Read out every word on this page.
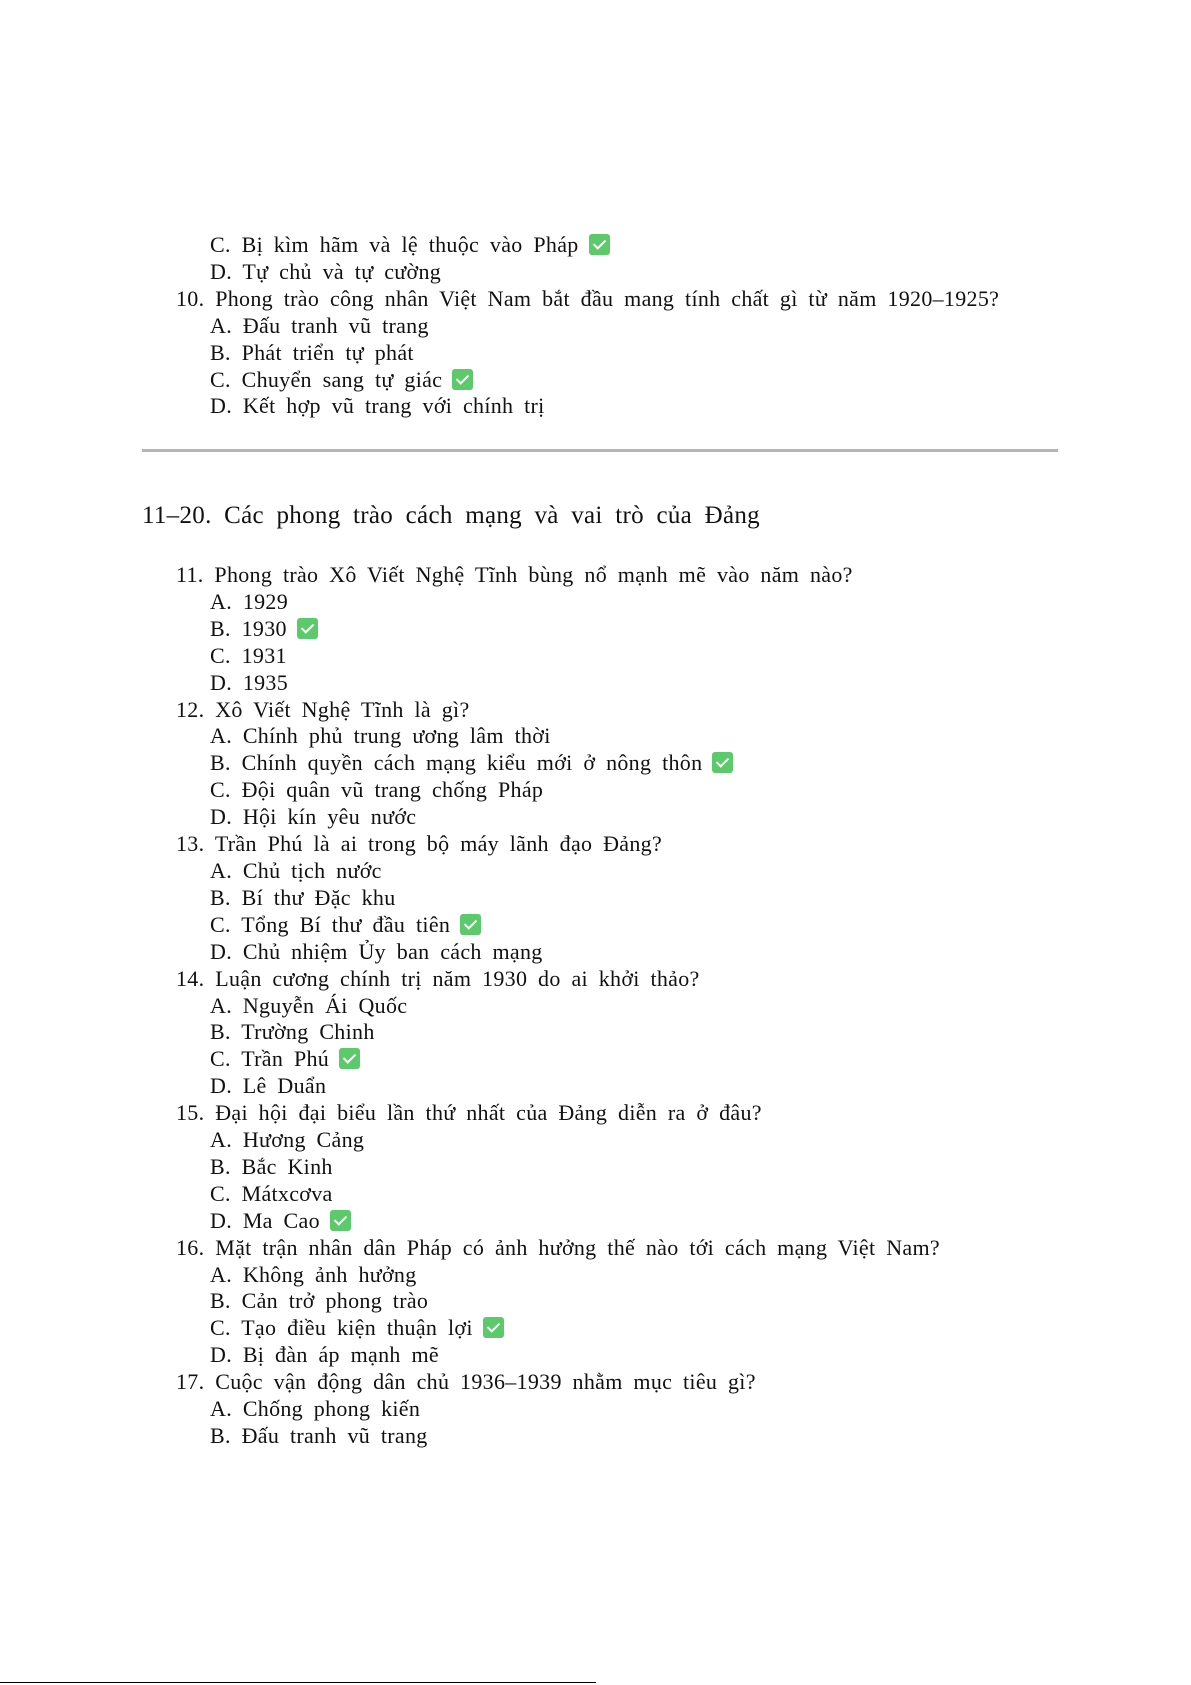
C. Bị kìm hãm và lệ thuộc vào Pháp
D. Tự chủ và tự cường
10. Phong trào công nhân Việt Nam bắt đầu mang tính chất gì từ năm 1920–1925?
A. Đấu tranh vũ trang
B. Phát triển tự phát
C. Chuyển sang tự giác
D. Kết hợp vũ trang với chính trị
11–20. Các phong trào cách mạng và vai trò của Đảng
11. Phong trào Xô Viết Nghệ Tĩnh bùng nổ mạnh mẽ vào năm nào?
A. 1929
B. 1930
C. 1931
D. 1935
12. Xô Viết Nghệ Tĩnh là gì?
A. Chính phủ trung ương lâm thời
B. Chính quyền cách mạng kiểu mới ở nông thôn
C. Đội quân vũ trang chống Pháp
D. Hội kín yêu nước
13. Trần Phú là ai trong bộ máy lãnh đạo Đảng?
A. Chủ tịch nước
B. Bí thư Đặc khu
C. Tổng Bí thư đầu tiên
D. Chủ nhiệm Ủy ban cách mạng
14. Luận cương chính trị năm 1930 do ai khởi thảo?
A. Nguyễn Ái Quốc
B. Trường Chinh
C. Trần Phú
D. Lê Duẩn
15. Đại hội đại biểu lần thứ nhất của Đảng diễn ra ở đâu?
A. Hương Cảng
B. Bắc Kinh
C. Mátxcơva
D. Ma Cao
16. Mặt trận nhân dân Pháp có ảnh hưởng thế nào tới cách mạng Việt Nam?
A. Không ảnh hưởng
B. Cản trở phong trào
C. Tạo điều kiện thuận lợi
D. Bị đàn áp mạnh mẽ
17. Cuộc vận động dân chủ 1936–1939 nhằm mục tiêu gì?
A. Chống phong kiến
B. Đấu tranh vũ trang
